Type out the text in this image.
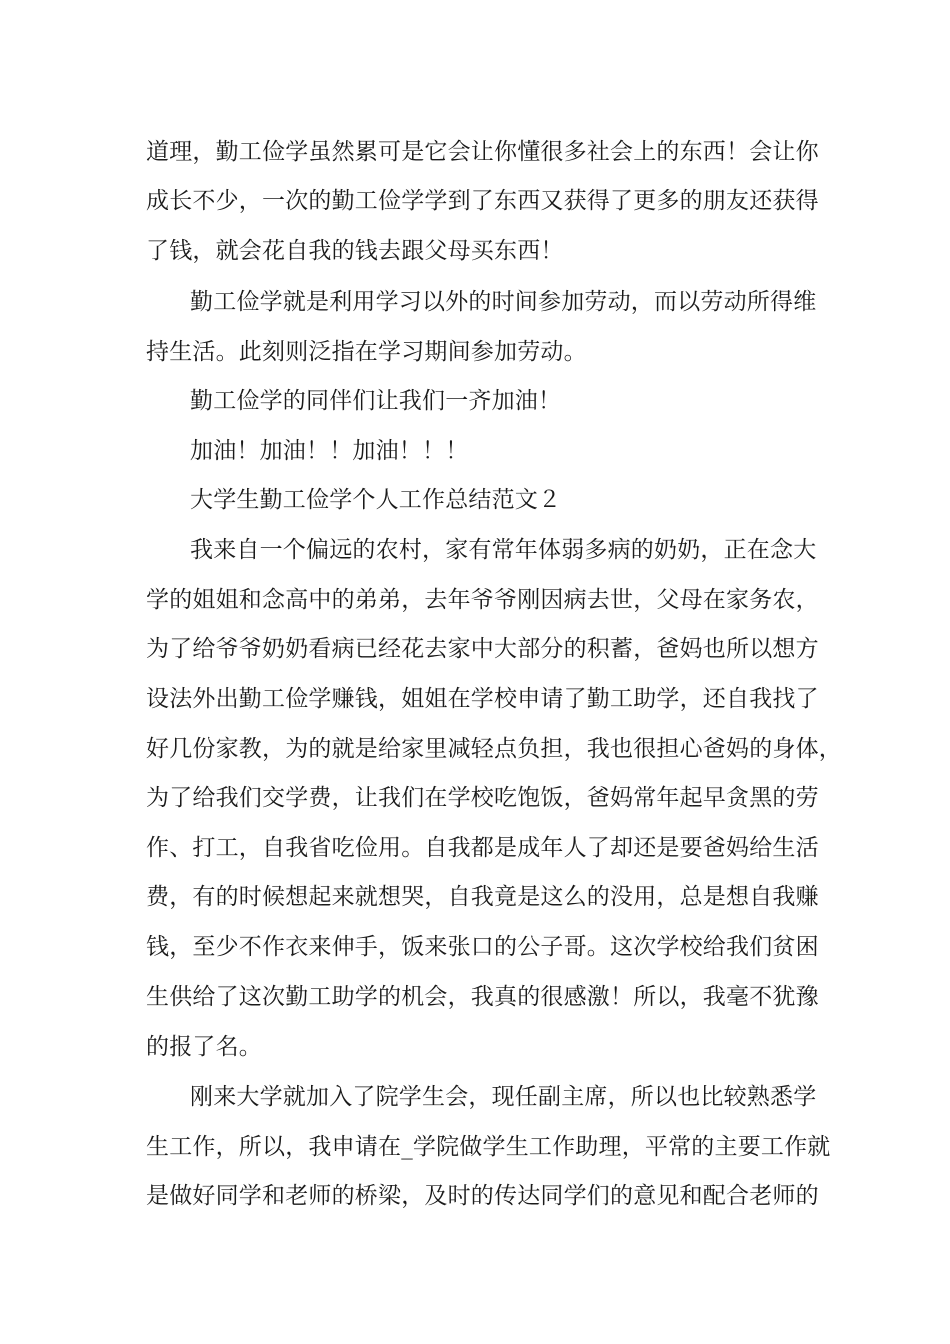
道理，勤工俭学虽然累可是它会让你懂很多社会上的东西！会让你
成长不少，一次的勤工俭学学到了东西又获得了更多的朋友还获得
了钱，就会花自我的钱去跟父母买东西！
勤工俭学就是利用学习以外的时间参加劳动，而以劳动所得维
持生活。此刻则泛指在学习期间参加劳动。
勤工俭学的同伴们让我们一齐加油！
加油！加油！！加油！！！
大学生勤工俭学个人工作总结范文２
我来自一个偏远的农村，家有常年体弱多病的奶奶，正在念大
学的姐姐和念高中的弟弟，去年爷爷刚因病去世，父母在家务农，
为了给爷爷奶奶看病已经花去家中大部分的积蓄，爸妈也所以想方
设法外出勤工俭学赚钱，姐姐在学校申请了勤工助学，还自我找了
好几份家教，为的就是给家里减轻点负担，我也很担心爸妈的身体，
为了给我们交学费，让我们在学校吃饱饭，爸妈常年起早贪黑的劳
作、打工，自我省吃俭用。自我都是成年人了却还是要爸妈给生活
费，有的时候想起来就想哭，自我竟是这么的没用，总是想自我赚
钱，至少不作衣来伸手，饭来张口的公子哥。这次学校给我们贫困
生供给了这次勤工助学的机会，我真的很感激！所以，我毫不犹豫
的报了名。
刚来大学就加入了院学生会，现任副主席，所以也比较熟悉学
生工作，所以，我申请在_学院做学生工作助理，平常的主要工作就
是做好同学和老师的桥梁，及时的传达同学们的意见和配合老师的
